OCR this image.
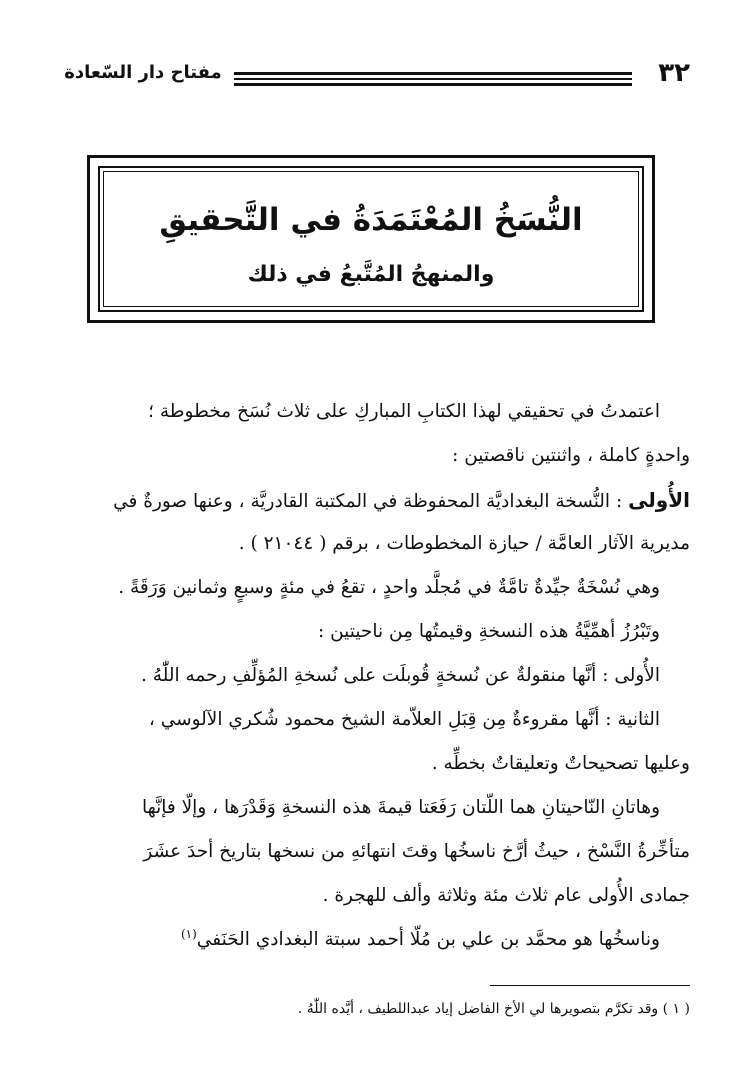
٣٢
مفتاح دار السّعادة
النُّسَخُ المُعْتَمَدَةُ في التَّحقيقِ
والمنهجُ المُتَّبعُ في ذلك
اعتمدتُ في تحقيقي لهذا الكتابِ المباركِ على ثلاث نُسَخ مخطوطة ؛
واحدةٍ كاملة ، واثنتين ناقصتين :
الأُولى : النُّسخة البغداديَّة المحفوظة في المكتبة القادريَّة ، وعنها صورةٌ في
مديرية الآثار العامَّة / حيازة المخطوطات ، برقم ( ٢١٠٤٤ ) .
وهي نُسْخَةٌ جيِّدةٌ تامَّةٌ في مُجلَّد واحدٍ ، تقعُ في مئةٍ وسبعٍ وثمانين وَرَقَةً .
وتَبْرُزُ أهمِّيَّةُ هذه النسخةِ وقيمتُها مِن ناحيتين :
الأُولى : أنَّها منقولةٌ عن نُسخةٍ قُوبلَت على نُسخةِ المُؤلِّفِ رحمه اللّٰهُ .
الثانية : أنَّها مقروءةٌ مِن قِبَلِ العلاّمة الشيخ محمود شُكري الآلوسي ،
وعليها تصحيحاتٌ وتعليقاتٌ بخطِّه .
وهاتانِ النّاحيتانِ هما اللّتان رَفَعَتا قيمةَ هذه النسخةِ وَقَدْرَها ، وإلّا فإنَّها
متأخِّرةُ النَّسْخ ، حيثُ أرَّخ ناسخُها وقتَ انتهائهِ من نسخها بتاريخ أحدَ عشَرَ
جمادى الأُولى عام ثلاث مئة وثلاثة وألف للهجرة .
وناسخُها هو محمَّد بن علي بن مُلّا أحمد سبتة البغدادي الحَنَفي$^{(١)}$
( ١ ) وقد تكرَّم بتصويرها لي الأخ الفاضل إياد عبداللطيف ، أيَّده اللّٰهُ .
